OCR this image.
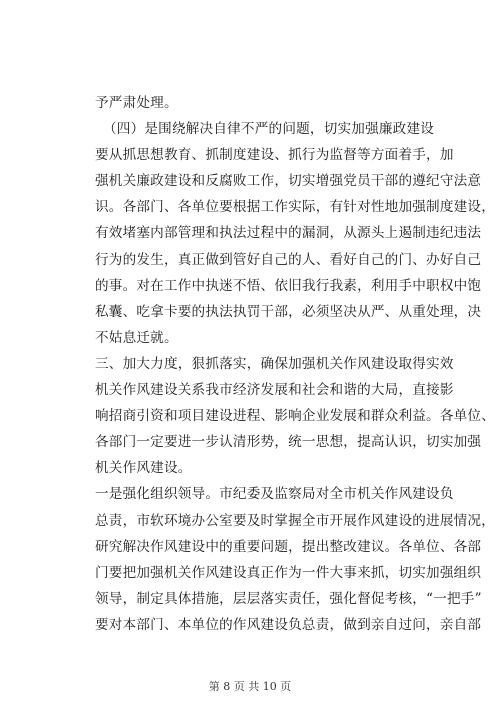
予严肃处理。
（四）是围绕解决自律不严的问题，切实加强廉政建设
要从抓思想教育、抓制度建设、抓行为监督等方面着手，加
强机关廉政建设和反腐败工作，切实增强党员干部的遵纪守法意
识。各部门、各单位要根据工作实际，有针对性地加强制度建设，
有效堵塞内部管理和执法过程中的漏洞，从源头上遏制违纪违法
行为的发生，真正做到管好自己的人、看好自己的门、办好自己
的事。对在工作中执迷不悟、依旧我行我素，利用手中职权中饱
私囊、吃拿卡要的执法执罚干部，必须坚决从严、从重处理，决
不姑息迁就。
三、加大力度，狠抓落实，确保加强机关作风建设取得实效
机关作风建设关系我市经济发展和社会和谐的大局，直接影
响招商引资和项目建设进程、影响企业发展和群众利益。各单位、
各部门一定要进一步认清形势，统一思想，提高认识，切实加强
机关作风建设。
一是强化组织领导。市纪委及监察局对全市机关作风建设负
总责，市软环境办公室要及时掌握全市开展作风建设的进展情况，
研究解决作风建设中的重要问题，提出整改建议。各单位、各部
门要把加强机关作风建设真正作为一件大事来抓，切实加强组织
领导，制定具体措施，层层落实责任，强化督促考核，“一把手”
要对本部门、本单位的作风建设负总责，做到亲自过问，亲自部
第 8 页 共 10 页
